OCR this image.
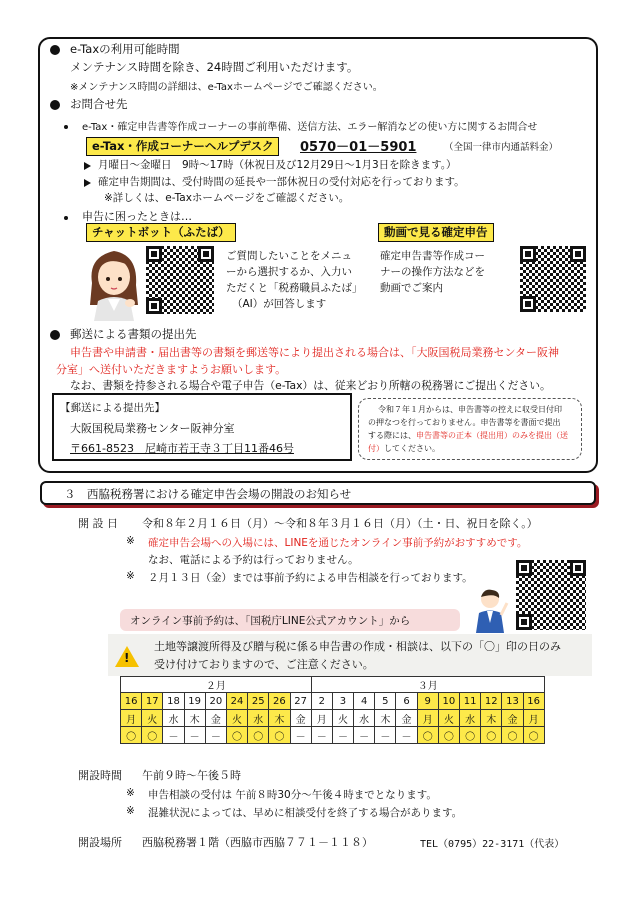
e-Taxの利用可能時間
メンテナンス時間を除き、24時間ご利用いただけます。
※メンテナンス時間の詳細は、e-Taxホームページでご確認ください。
お問合せ先
e-Tax・確定申告書等作成コーナーの事前準備、送信方法、エラー解消などの使い方に関するお問合せ
e-Tax・作成コーナーヘルプデスク	0570－01－5901	（全国一律市内通話料金）
月曜日～金曜日　9時～17時（休祝日及び12月29日～1月3日を除きます。）
確定申告期間は、受付時間の延長や一部休祝日の受付対応を行っております。
※詳しくは、e-Taxホームページをご確認ください。
申告に困ったときは…
チャットボット（ふたば）	動画で見る確定申告
ご質問したいことをメニュ
ーから選択するか、入力い
ただくと「税務職員ふたば」
（AI）が回答します
確定申告書等作成コー
ナーの操作方法などを
動画でご案内
郵送による書類の提出先
申告書や申請書・届出書等の書類を郵送等により提出される場合は、「大阪国税局業務センター阪神
分室」へ送付いただきますようお願いします。
なお、書類を持参される場合や電子申告（e-Tax）は、従来どおり所轄の税務署にご提出ください。
【郵送による提出先】
大阪国税局業務センター阪神分室
〒661-8523　尼崎市若王寺３丁目11番46号
令和７年１月からは、申告書等の控えに収受日付印
の押なつを行っておりません。申告書等を書面で提出
する際には、申告書等の正本（提出用）のみを提出（送
付）してください。
３　西脇税務署における確定申告会場の開設のお知らせ
開 設 日 令和８年２月１６日（月）～令和８年３月１６日（月）（土・日、祝日を除く。）
※ 確定申告会場への入場には、LINEを通じたオンライン事前予約がおすすめです。
なお、電話による予約は行っておりません。
※ ２月１３日（金）までは事前予約による申告相談を行っております。
オンライン事前予約は、「国税庁LINE公式アカウント」から
!
土地等譲渡所得及び贈与税に係る申告書の作成・相談は、以下の「〇」印の日のみ
受け付けておりますので、ご注意ください。
２月									３月										
16	17	18	19	20	24	25	26	27	2	3	4	5	6	9	10	11	12	13	16
月	火	水	木	金	火	水	木	金	月	火	水	木	金	月	火	水	木	金	月
〇	〇	－	－	－	〇	〇	〇	－	－	－	－	－	－	〇	〇	〇	〇	〇	〇
開設時間 午前９時～午後５時
※ 申告相談の受付は 午前８時30分～午後４時までとなります。
※ 混雑状況によっては、早めに相談受付を終了する場合があります。
開設場所 西脇税務署１階（西脇市西脇７７１－１１８）	TEL（0795）22-3171（代表）
